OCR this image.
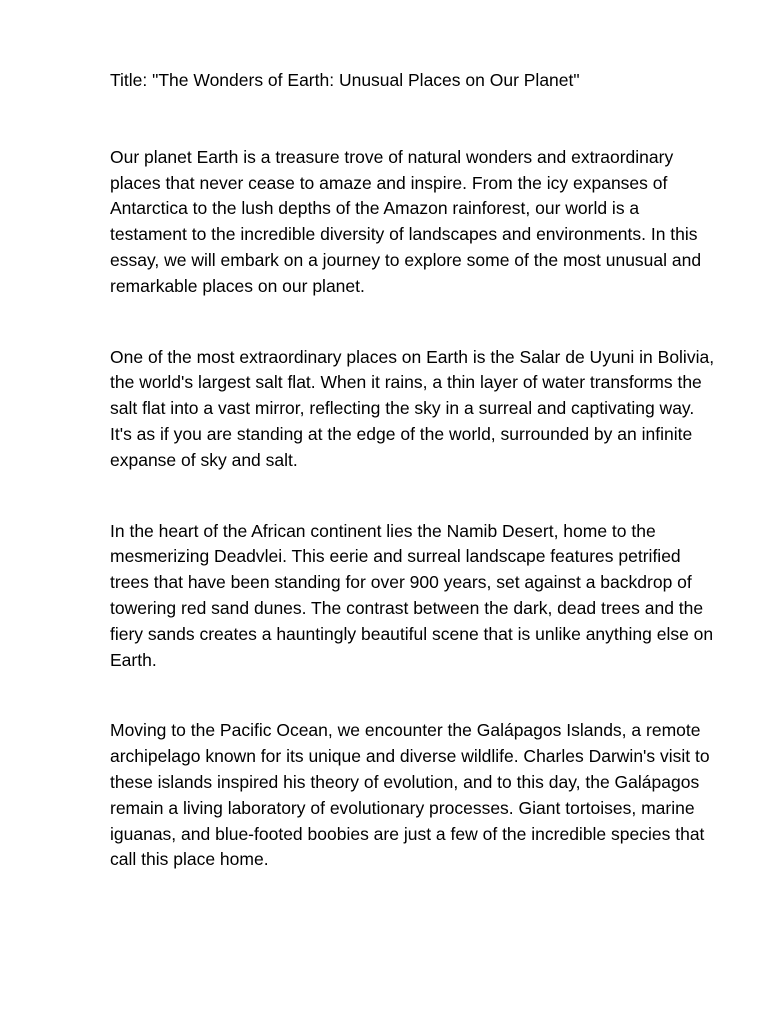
Title: "The Wonders of Earth: Unusual Places on Our Planet"

Our planet Earth is a treasure trove of natural wonders and extraordinary places that never cease to amaze and inspire. From the icy expanses of Antarctica to the lush depths of the Amazon rainforest, our world is a testament to the incredible diversity of landscapes and environments. In this essay, we will embark on a journey to explore some of the most unusual and remarkable places on our planet.

One of the most extraordinary places on Earth is the Salar de Uyuni in Bolivia, the world's largest salt flat. When it rains, a thin layer of water transforms the salt flat into a vast mirror, reflecting the sky in a surreal and captivating way. It's as if you are standing at the edge of the world, surrounded by an infinite expanse of sky and salt.

In the heart of the African continent lies the Namib Desert, home to the mesmerizing Deadvlei. This eerie and surreal landscape features petrified trees that have been standing for over 900 years, set against a backdrop of towering red sand dunes. The contrast between the dark, dead trees and the fiery sands creates a hauntingly beautiful scene that is unlike anything else on Earth.

Moving to the Pacific Ocean, we encounter the Galápagos Islands, a remote archipelago known for its unique and diverse wildlife. Charles Darwin's visit to these islands inspired his theory of evolution, and to this day, the Galápagos remain a living laboratory of evolutionary processes. Giant tortoises, marine iguanas, and blue-footed boobies are just a few of the incredible species that call this place home.
